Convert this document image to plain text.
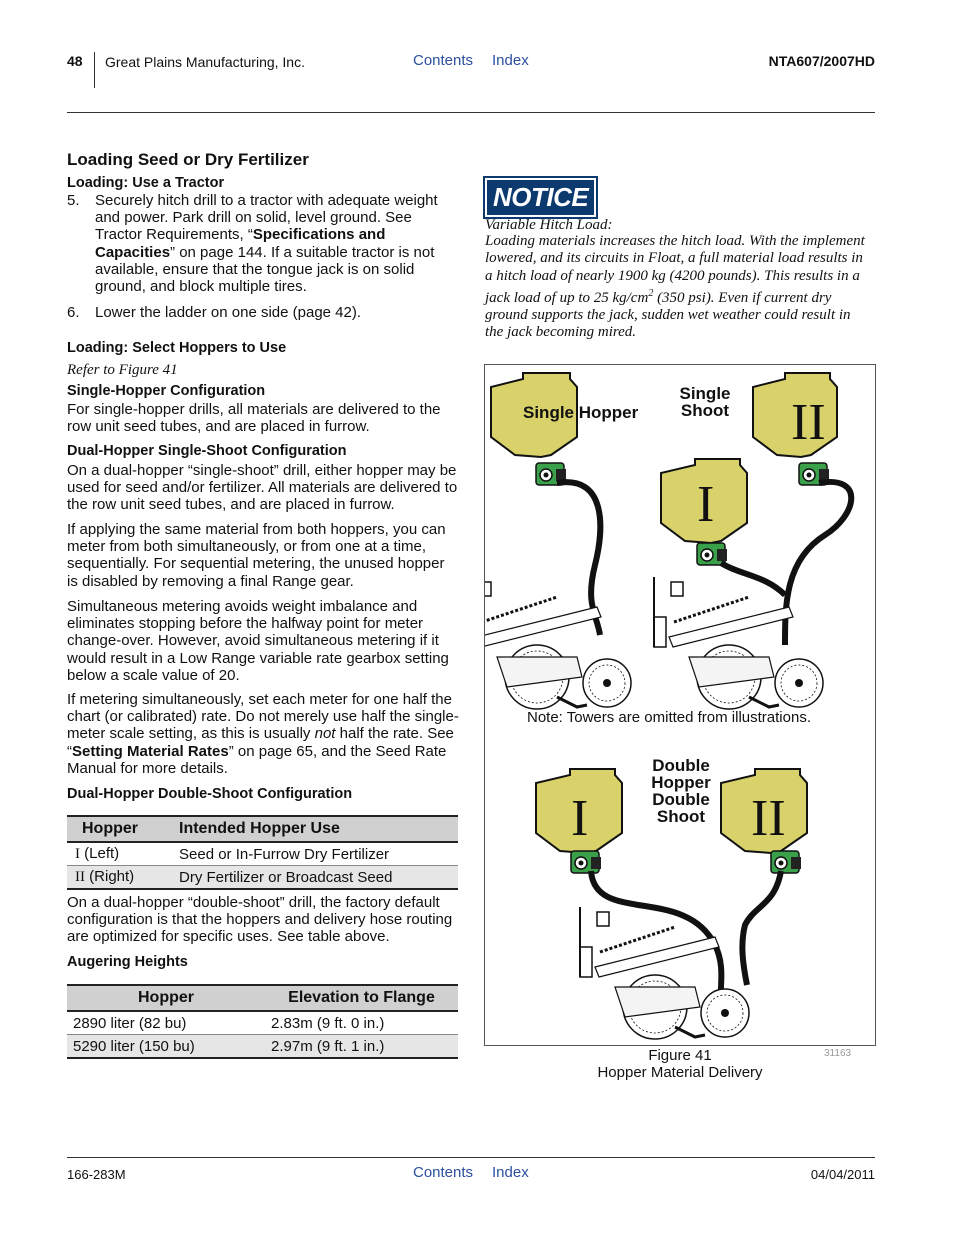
48 Great Plains Manufacturing, Inc.	Contents Index	NTA607/2007HD
Loading Seed or Dry Fertilizer
Loading: Use a Tractor
5. Securely hitch drill to a tractor with adequate weight and power. Park drill on solid, level ground. See Tractor Requirements, “Specifications and Capacities” on page 144. If a suitable tractor is not available, ensure that the tongue jack is on solid ground, and block multiple tires.

6. Lower the ladder on one side (page 42).

Loading: Select Hoppers to Use
Refer to Figure 41
Single-Hopper Configuration

For single-hopper drills, all materials are delivered to the row unit seed tubes, and are placed in furrow.

Dual-Hopper Single-Shoot Configuration

On a dual-hopper “single-shoot” drill, either hopper may be used for seed and/or fertilizer. All materials are delivered to the row unit seed tubes, and are placed in furrow.

If applying the same material from both hoppers, you can meter from both simultaneously, or from one at a time, sequentially. For sequential metering, the unused hopper is disabled by removing a final Range gear.

Simultaneous metering avoids weight imbalance and eliminates stopping before the halfway point for meter change-over. However, avoid simultaneous metering if it would result in a Low Range variable rate gearbox setting below a scale value of 20.

If metering simultaneously, set each meter for one half the chart (or calibrated) rate. Do not merely use half the single-meter scale setting, as this is usually not half the rate. See “Setting Material Rates” on page 65, and the Seed Rate Manual for more details.

Dual-Hopper Double-Shoot Configuration
Hopper	Intended Hopper Use
I (Left)	Seed or In-Furrow Dry Fertilizer
II (Right)	Dry Fertilizer or Broadcast Seed

On a dual-hopper “double-shoot” drill, the factory default configuration is that the hoppers and delivery hose routing are optimized for specific uses. See table above.

Augering Heights
Hopper	Elevation to Flange
2890 liter (82 bu)	2.83m (9 ft. 0 in.)
5290 liter (150 bu)	2.97m (9 ft. 1 in.)
NOTICE
Variable Hitch Load:

Loading materials increases the hitch load. With the implement lowered, and its circuits in Float, a full material load results in a hitch load of nearly 1900 kg (4200 pounds). This results in a jack load of up to 25 $kg/cm^2$ (350 psi). Even if current dry ground supports the jack, sudden wet weather could result in the jack becoming mired.

Single Hopper
Single Shoot II
I
Note: Towers are omitted from illustrations.
Double Hopper Double Shoot
I	II
Figure 41
Hopper Material Delivery
31163
166-283M	Contents Index	04/04/2011
